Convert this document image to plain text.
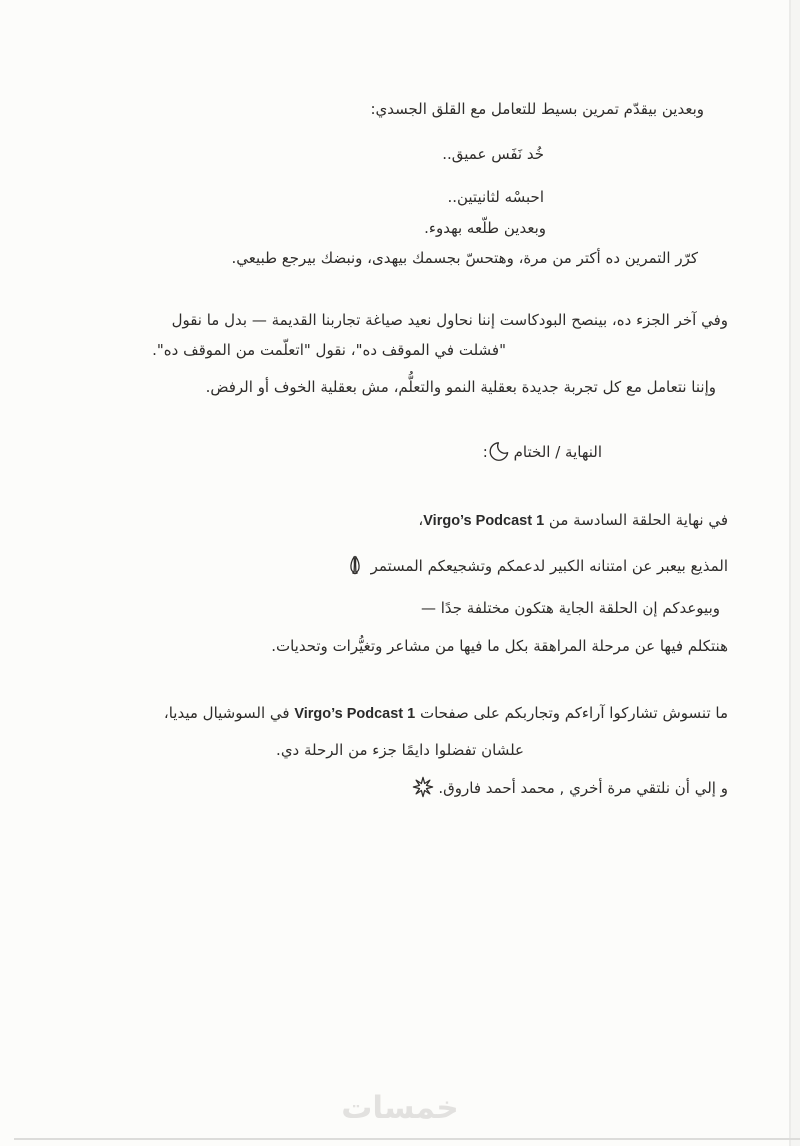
وبعدين بيقدّم تمرين بسيط للتعامل مع القلق الجسدي:
خُد نَفَس عميق..
احبسْه لثانيتين..
وبعدين طلّعه بهدوء.
كرّر التمرين ده أكتر من مرة، وهتحسّ بجسمك بيهدى، ونبضك بيرجع طبيعي.
وفي آخر الجزء ده، بينصح البودكاست إننا نحاول نعيد صياغة تجاربنا القديمة — بدل ما نقول
"فشلت في الموقف ده"، نقول "اتعلّمت من الموقف ده".
وإننا نتعامل مع كل تجربة جديدة بعقلية النمو والتعلُّم، مش بعقلية الخوف أو الرفض.
النهاية / الختام
:
في نهاية الحلقة السادسة من Virgo’s Podcast 1،
المذيع بيعبر عن امتنانه الكبير لدعمكم وتشجيعكم المستمر
وبيوعدكم إن الحلقة الجاية هتكون مختلفة جدًا —
هنتكلم فيها عن مرحلة المراهقة بكل ما فيها من مشاعر وتغيُّرات وتحديات.
ما تنسوش تشاركوا آراءكم وتجاربكم على صفحات Virgo’s Podcast 1 في السوشيال ميديا،
علشان تفضلوا دايمًا جزء من الرحلة دي.
و إلي أن نلتقي مرة أخري , محمد أحمد فاروق.
خمسات
